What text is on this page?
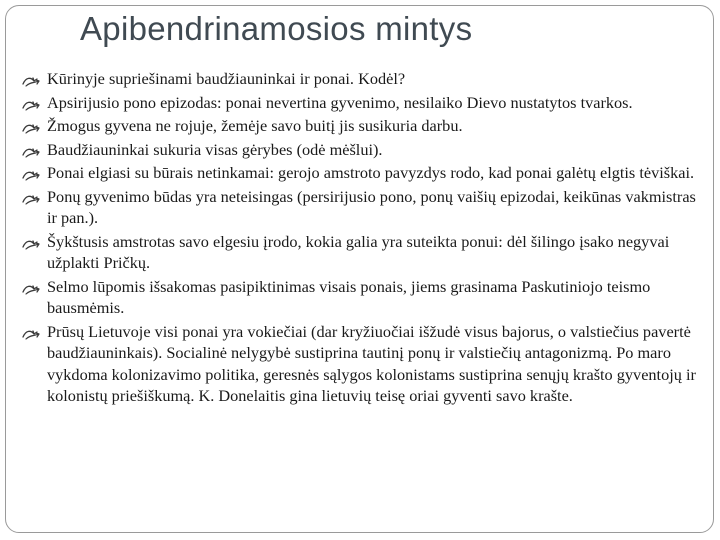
Apibendrinamosios mintys
Kūrinyje supriešinami baudžiauninkai ir ponai. Kodėl?
Apsirijusio pono epizodas: ponai nevertina gyvenimo, nesilaiko Dievo nustatytos tvarkos.
Žmogus gyvena ne rojuje, žemėje savo buitį jis susikuria darbu.
Baudžiauninkai sukuria visas gėrybes (odė mėšlui).
Ponai elgiasi su būrais netinkamai: gerojo amstroto pavyzdys rodo, kad ponai galėtų elgtis tėviškai.
Ponų gyvenimo būdas yra neteisingas (persirijusio pono, ponų vaišių epizodai, keikūnas vakmistras ir pan.).
Šykštusis amstrotas savo elgesiu įrodo, kokia galia yra suteikta ponui: dėl šilingo įsako negyvai užplakti Pričkų.
Selmo lūpomis išsakomas pasipiktinimas visais ponais, jiems grasinama Paskutiniojo teismo bausmėmis.
Prūsų Lietuvoje visi ponai yra vokiečiai (dar kryžiuočiai išžudė visus bajorus, o valstiečius pavertė baudžiauninkais). Socialinė nelygybė sustiprina tautinį ponų ir valstiečių antagonizmą. Po maro vykdoma kolonizavimo politika, geresnės sąlygos kolonistams sustiprina senųjų krašto gyventojų ir kolonistų priešiškumą. K. Donelaitis gina lietuvių teisę oriai gyventi savo krašte.
